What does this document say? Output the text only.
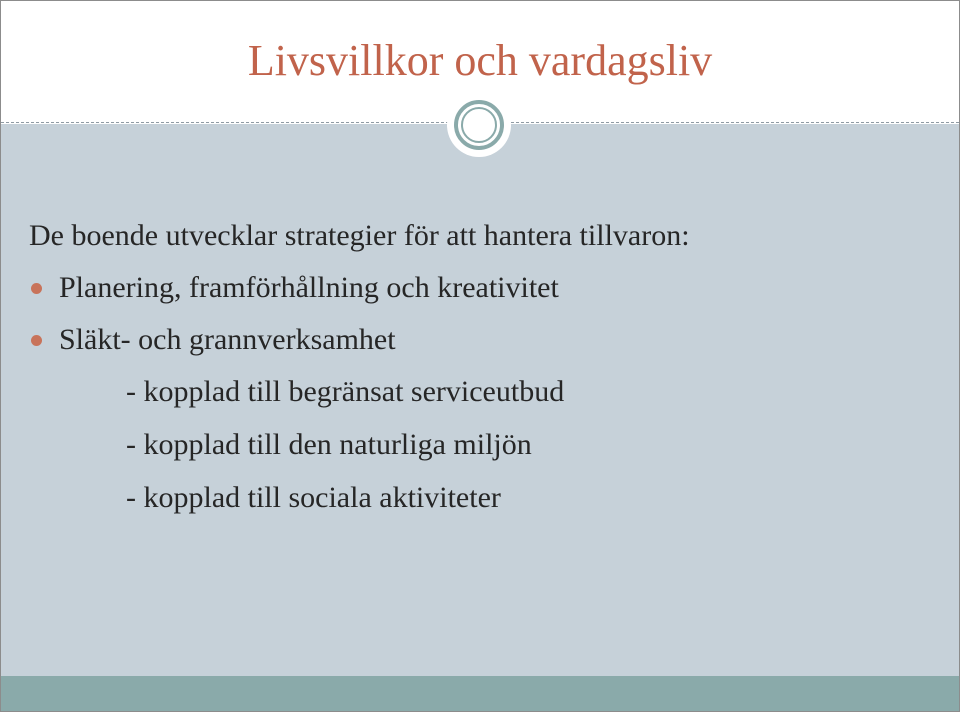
Livsvillkor och vardagsliv
De boende utvecklar strategier för att hantera tillvaron:
Planering, framförhållning och kreativitet
Släkt- och grannverksamhet
- kopplad till begränsat serviceutbud
- kopplad till den naturliga miljön
- kopplad till sociala aktiviteter
